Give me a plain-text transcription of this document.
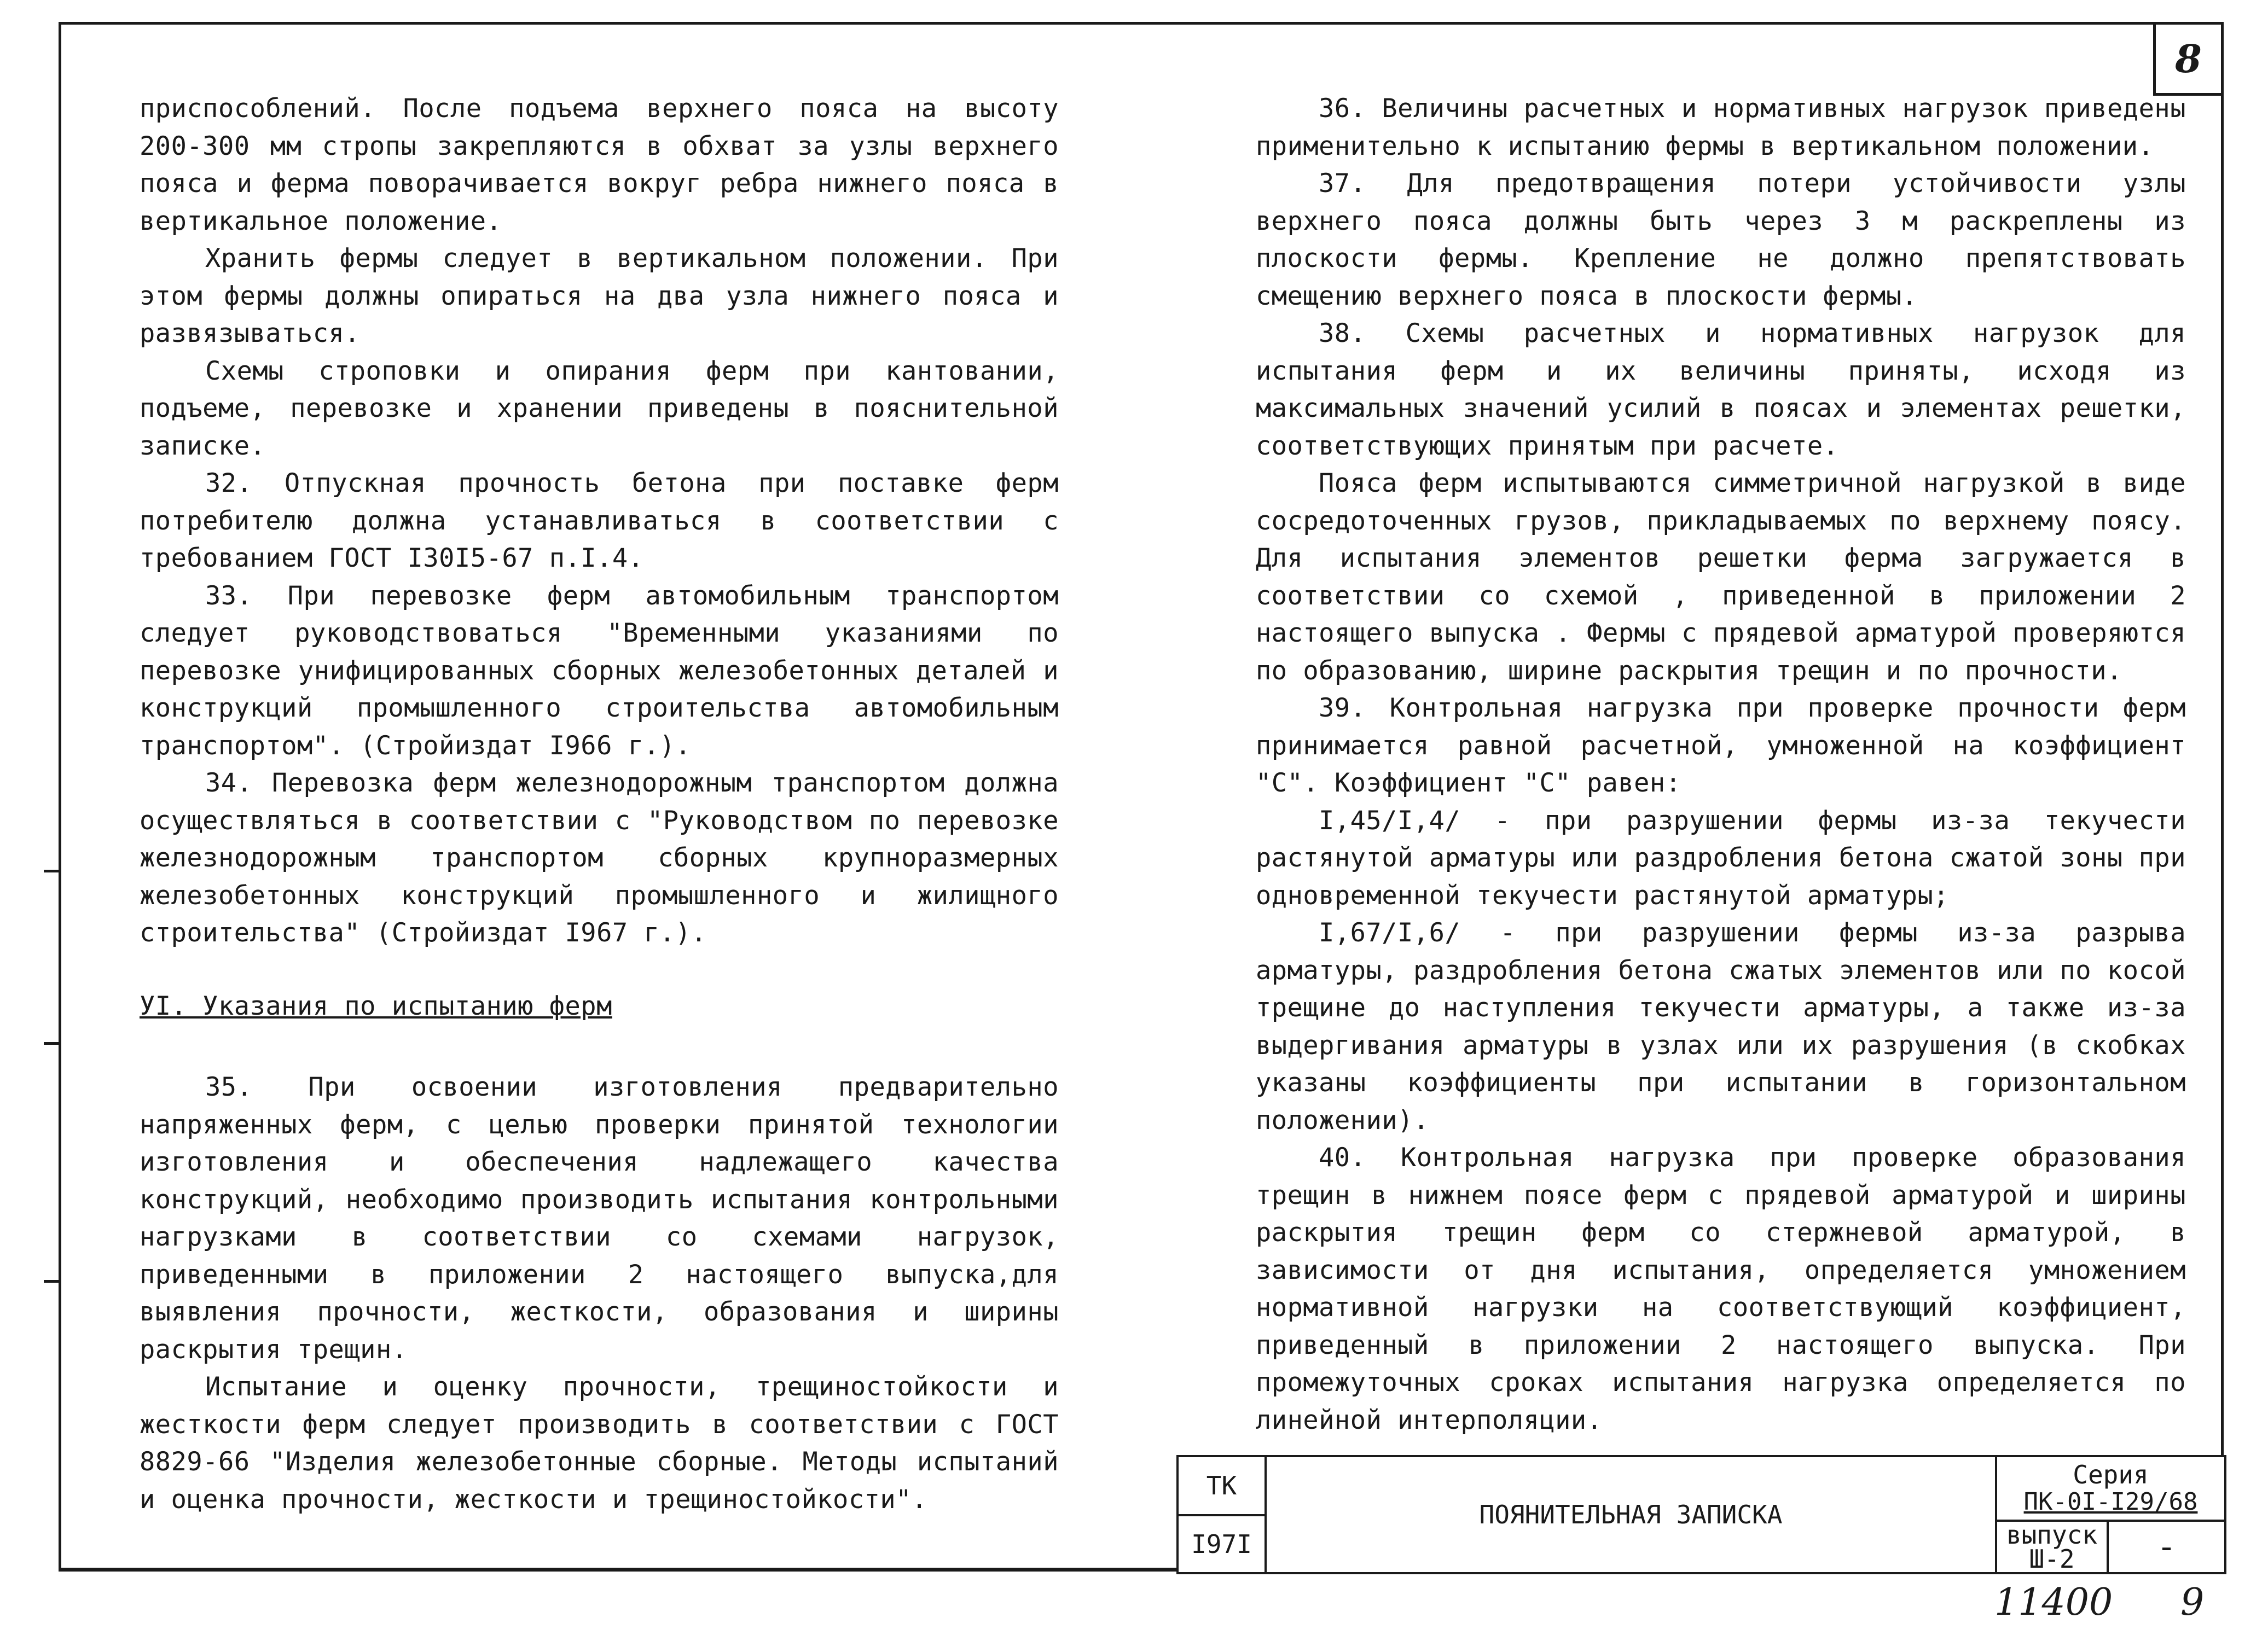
8

приспособлений. После подъема верхнего пояса на высоту 200-300 мм стропы закрепляются в обхват за узлы верхнего пояса и ферма поворачивается вокруг ребра нижнего пояса в вертикальное положение.

Хранить фермы следует в вертикальном положении. При этом фермы должны опираться на два узла нижнего пояса и развязываться.

Схемы строповки и опирания ферм при кантовании, подъеме, перевозке и хранении приведены в пояснительной записке.

32. Отпускная прочность бетона при поставке ферм потребителю должна устанавливаться в соответствии с требованием ГОСТ I30I5-67 п.I.4.

33. При перевозке ферм автомобильным транспортом следует руководствоваться "Временными указаниями по перевозке унифицированных сборных железобетонных деталей и конструкций промышленного строительства автомобильным транспортом". (Стройиздат I966 г.).

34. Перевозка ферм железнодорожным транспортом должна осуществляться в соответствии с "Руководством по перевозке железнодорожным транспортом сборных крупноразмерных железобетонных конструкций промышленного и жилищного строительства" (Стройиздат I967 г.).

УI. Указания по испытанию ферм

35. При освоении изготовления предварительно напряженных ферм, с целью проверки принятой технологии изготовления и обеспечения надлежащего качества конструкций, необходимо производить испытания контрольными нагрузками в соответствии со схемами нагрузок, приведенными в приложении 2 настоящего выпуска,для выявления прочности, жесткости, образования и ширины раскрытия трещин.

Испытание и оценку прочности, трещиностойкости и жесткости ферм следует производить в соответствии с ГОСТ 8829-66 "Изделия железобетонные сборные. Методы испытаний и оценка прочности, жесткости и трещиностойкости".

36. Величины расчетных и нормативных нагрузок приведены применительно к испытанию фермы в вертикальном положении.

37. Для предотвращения потери устойчивости узлы верхнего пояса должны быть через 3 м раскреплены из плоскости фермы. Крепление не должно препятствовать смещению верхнего пояса в плоскости фермы.

38. Схемы расчетных и нормативных нагрузок для испытания ферм и их величины приняты, исходя из максимальных значений усилий в поясах и элементах решетки, соответствующих принятым при расчете.

Пояса ферм испытываются симметричной нагрузкой в виде сосредоточенных грузов, прикладываемых по верхнему поясу. Для испытания элементов решетки ферма загружается в соответствии со схемой , приведенной в приложении 2 настоящего выпуска . Фермы с прядевой арматурой проверяются по образованию, ширине раскрытия трещин и по прочности.

39. Контрольная нагрузка при проверке прочности ферм принимается равной расчетной, умноженной на коэффициент "С". Коэффициент "С" равен:

I,45/I,4/ - при разрушении фермы из-за текучести растянутой арматуры или раздробления бетона сжатой зоны при одновременной текучести растянутой арматуры;

I,67/I,6/ - при разрушении фермы из-за разрыва арматуры, раздробления бетона сжатых элементов или по косой трещине до наступления текучести арматуры, а также из-за выдергивания арматуры в узлах или их разрушения (в скобках указаны коэффициенты при испытании в горизонтальном положении).

40. Контрольная нагрузка при проверке образования трещин в нижнем поясе ферм с прядевой арматурой и ширины раскрытия трещин ферм со стержневой арматурой, в зависимости от дня испытания, определяется умножением нормативной нагрузки на соответствующий коэффициент, приведенный в приложении 2 настоящего выпуска. При промежуточных сроках испытания нагрузка определяется по линейной интерполяции.

ТК
I97I
ПОЯНИТЕЛЬНАЯ ЗАПИСКА
Серия
ПК-0I-I29/68
выпуск
Ш-2 -
11400 9
